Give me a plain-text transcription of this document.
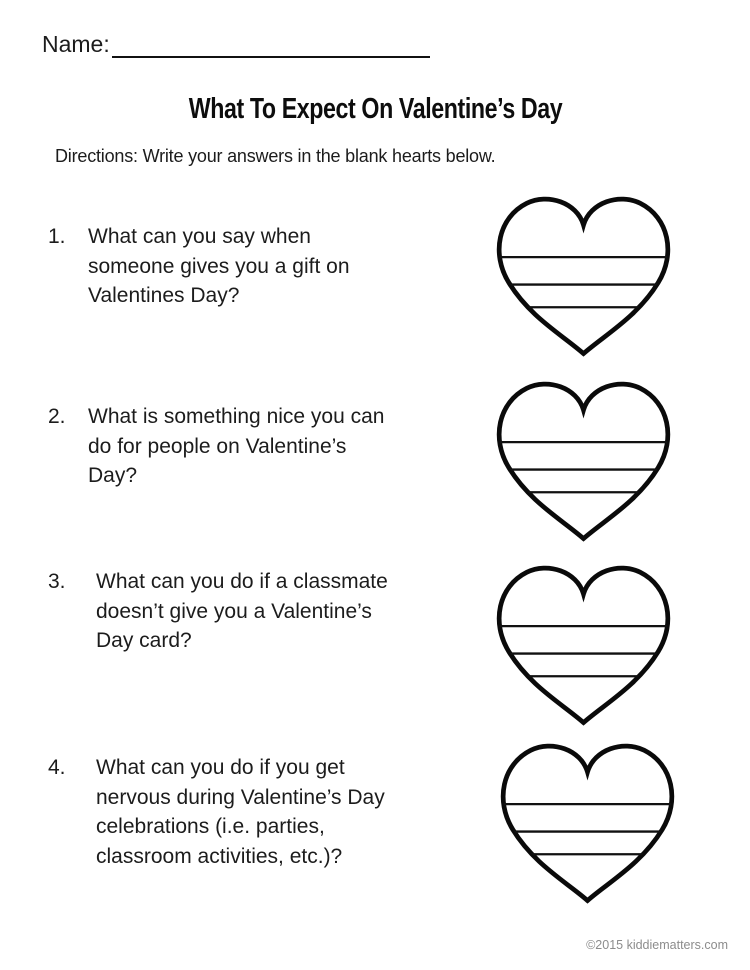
Name:
What To Expect On Valentine’s Day
Directions: Write your answers in the blank hearts below.
1.	What can you say when
someone gives you a gift on
Valentines Day?
2.	What is something nice you can
do for people on Valentine’s
Day?
3.	What can you do if a classmate
doesn’t give you a Valentine’s
Day card?
4.	What can you do if you get
nervous during Valentine’s Day
celebrations (i.e. parties,
classroom activities, etc.)?
©2015 kiddiematters.com
